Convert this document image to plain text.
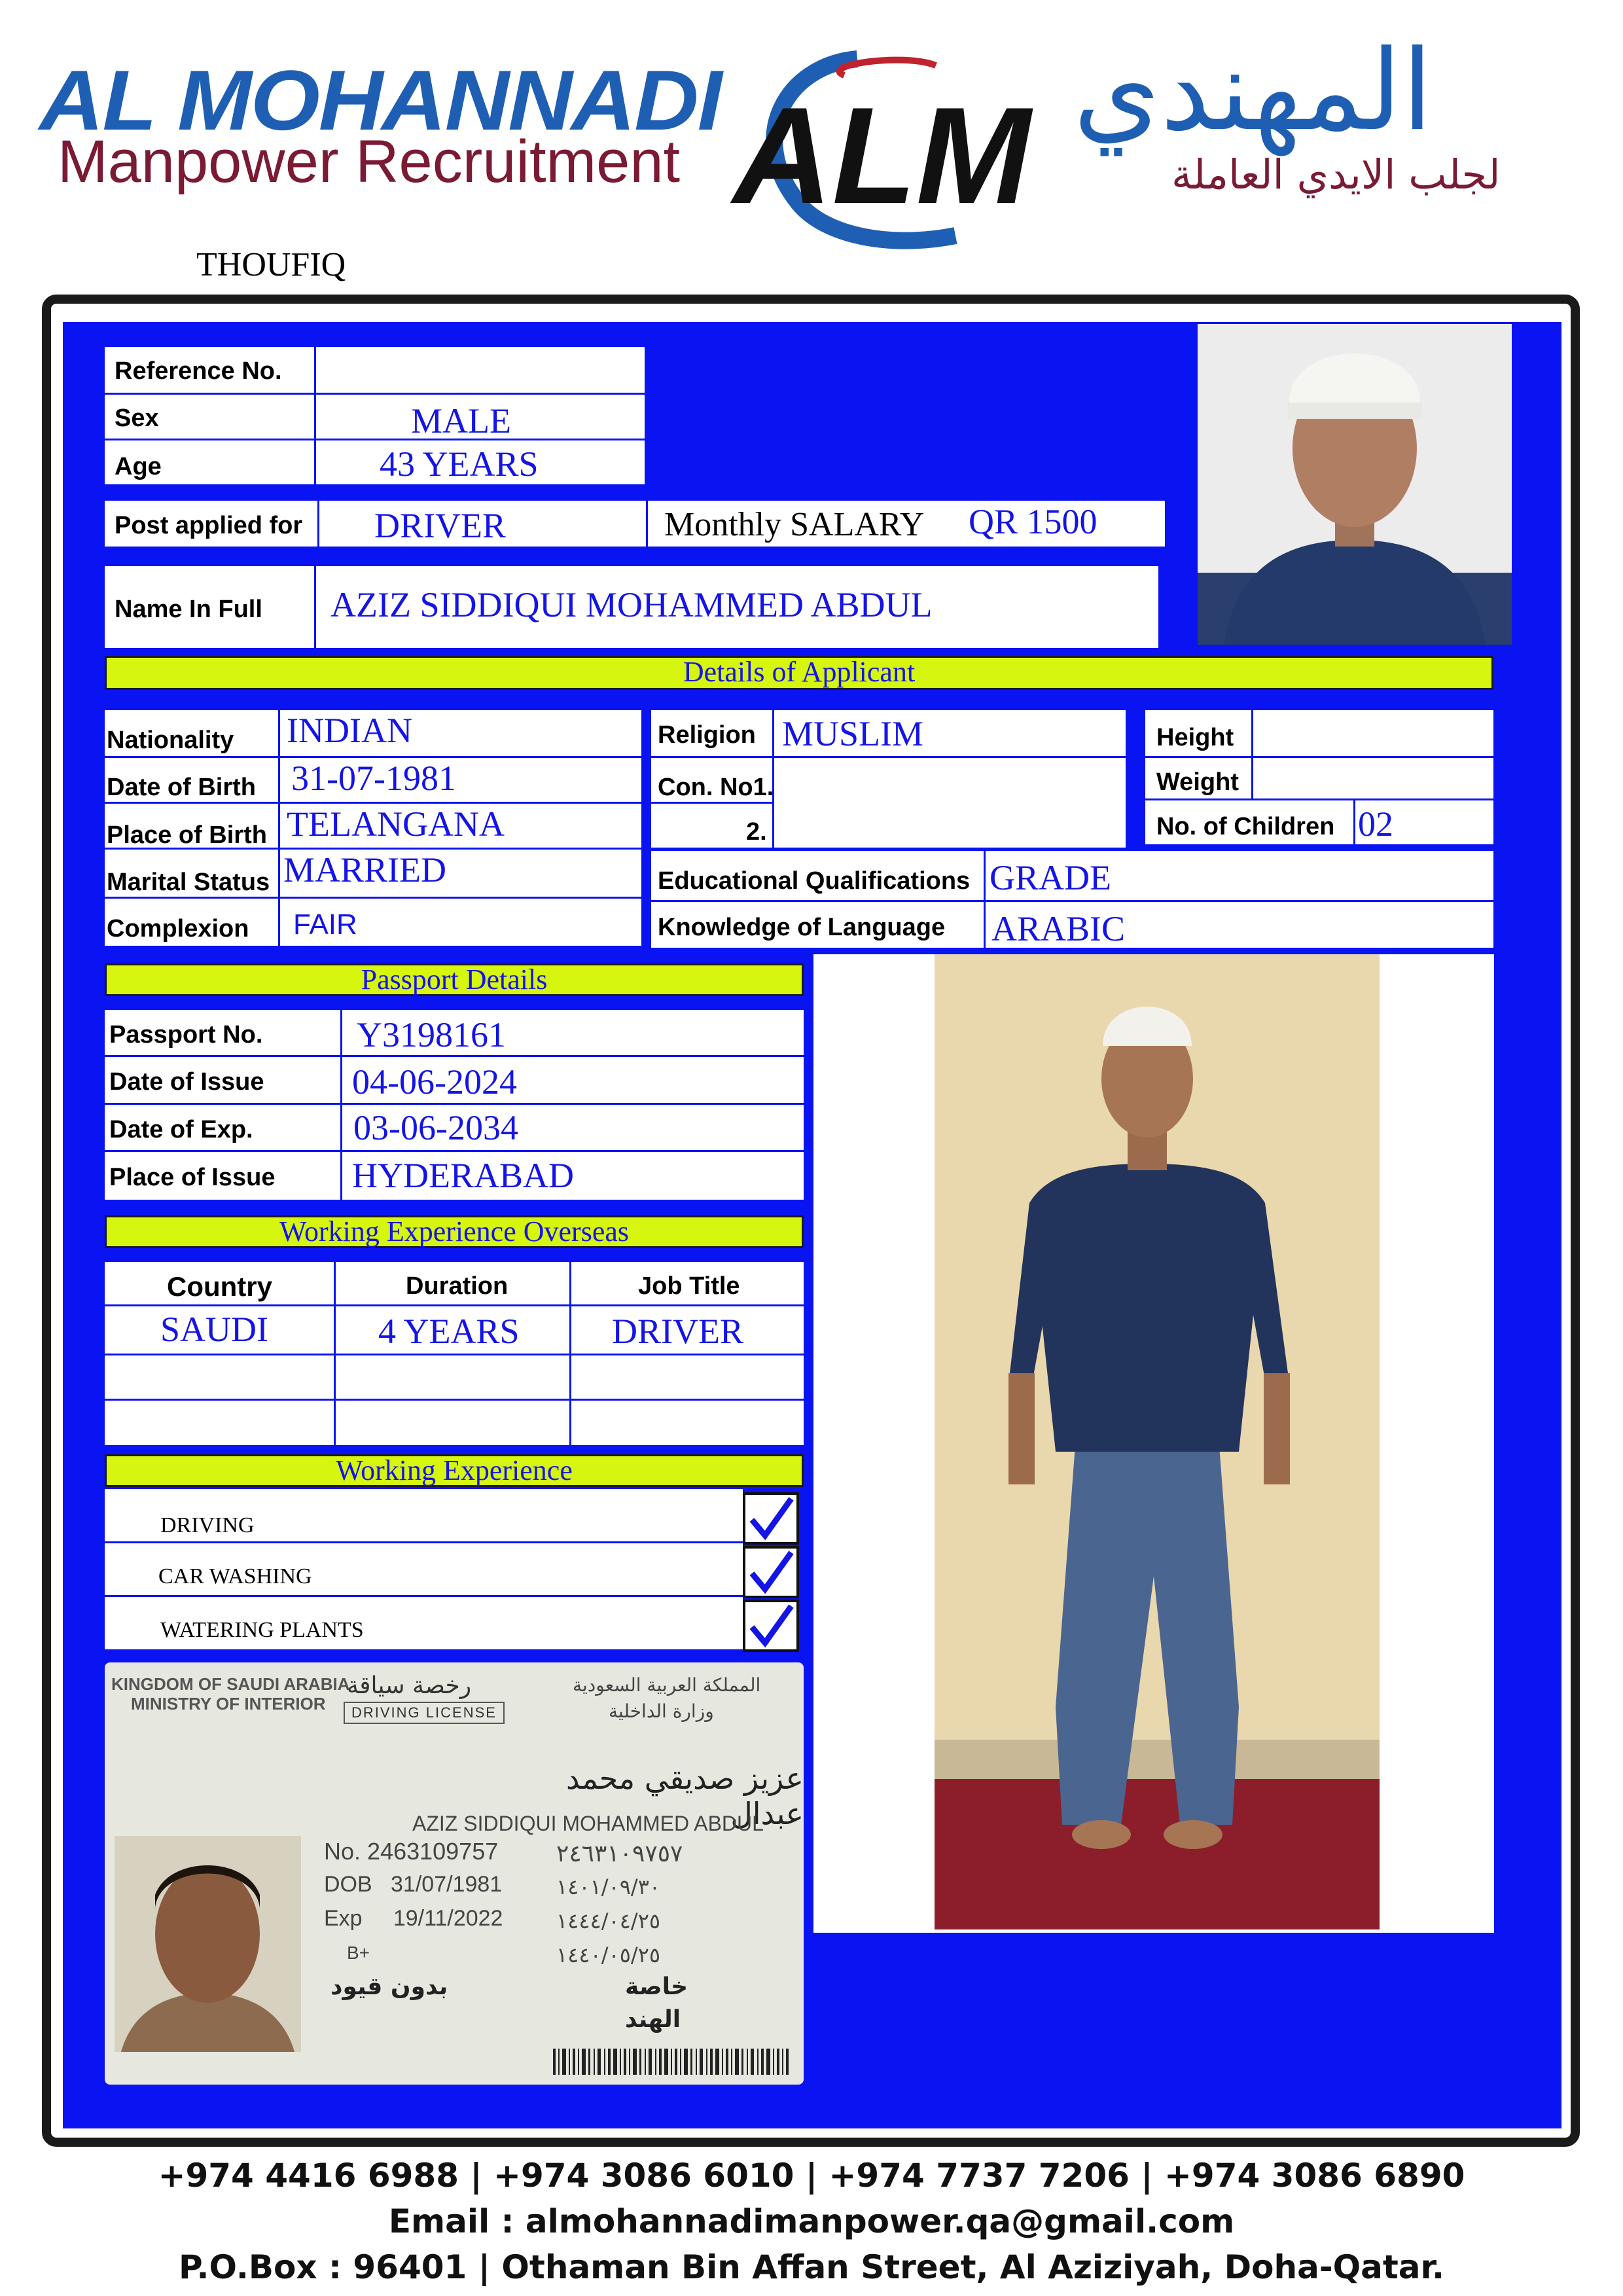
AL MOHANNADI
Manpower Recruitment ALM المهندي
لجلب الايدي العاملة
THOUFIQ
Reference No.
Sex	MALE
Age	43 YEARS
Post applied for DRIVER	Monthly SALARY QR 1500
Name In Full AZIZ SIDDIQUI MOHAMMED ABDUL
Details of Applicant
Nationality INDIAN
Date of Birth 31-07-1981
Place of Birth TELANGANA
Marital Status MARRIED
Complexion FAIR
Religion MUSLIM
Con. No1.
2.
Educational Qualifications GRADE
Knowledge of Language ARABIC
Height
Weight
No. of Children 02
Passport Details
Passport No.	Y3198161
Date of Issue 04-06-2024
Date of Exp.	03-06-2034
Place of Issue HYDERABAD
Working Experience Overseas
Country	Duration	Job Title
SAUDI	4 YEARS	DRIVER
Working Experience
DRIVING
CAR WASHING
WATERING PLANTS
KINGDOM OF SAUDI ARABIA
MINISTRY OF INTERIOR
رخصة سياقة
DRIVING LICENSE
المملكة العربية السعودية
وزارة الداخلية
عزيز صديقي محمد عبدال
AZIZ SIDDIQUI MOHAMMED ABDUL
No. 2463109757
DOB   31/07/1981
Exp     19/11/2022
B+
٢٤٦٣١٠٩٧٥٧
١٤٠١/٠٩/٣٠
١٤٤٤/٠٤/٢٥
١٤٤٠/٠٥/٢٥
بدون قيود	خاصة
الهند
+974 4416 6988 | +974 3086 6010 | +974 7737 7206 | +974 3086 6890
Email : almohannadimanpower.qa@gmail.com
P.O.Box : 96401 | Othaman Bin Affan Street, Al Aziziyah, Doha-Qatar.
